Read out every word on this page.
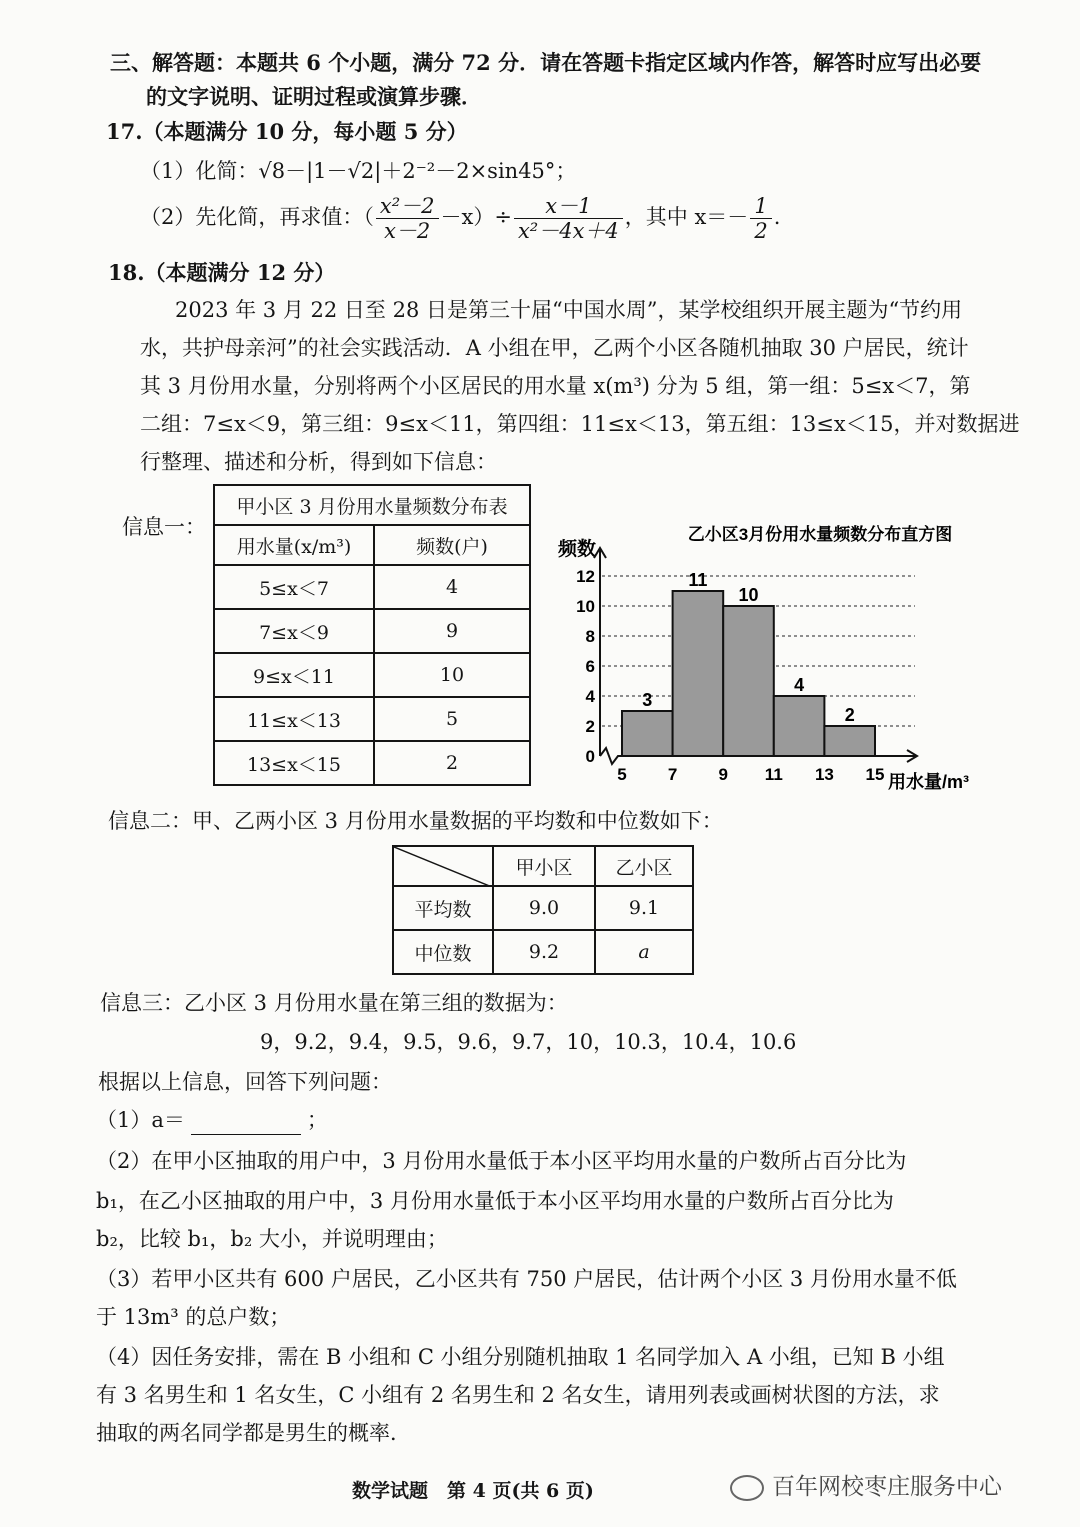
三、解答题：本题共 6 个小题，满分 72 分．请在答题卡指定区域内作答，解答时应写出必要
的文字说明、证明过程或演算步骤．
17.（本题满分 10 分，每小题 5 分）
（1）化简：√8－|1－√2|＋2⁻²－2×sin45°；
（2）先化简，再求值：（ $\frac{\text{x²－2}}{x-2} -x)\div \frac{x-1}{\text{x²－4x＋4}}$ ，其中 $x=- \frac{1}{2}$ .
18.（本题满分 12 分）
2023 年 3 月 22 日至 28 日是第三十届“中国水周”，某学校组织开展主题为“节约用
水，共护母亲河”的社会实践活动．A 小组在甲，乙两个小区各随机抽取 30 户居民，统计
其 3 月份用水量，分别将两个小区居民的用水量 x(m³) 分为 5 组，第一组：5≤x＜7，第
二组：7≤x＜9，第三组：9≤x＜11，第四组：11≤x＜13，第五组：13≤x＜15，并对数据进
行整理、描述和分析，得到如下信息：
信息一：
甲小区 3 月份用水量频数分布表	
用水量(x/m³)	频数(户)
5≤x＜7	4
7≤x＜9	9
9≤x＜11	10
11≤x＜13	5
13≤x＜15	2
乙小区3月份用水量频数分布直方图
频数
用水量/m³
0
2
4
6
8
10
12
3
11
10
4
2
5 7 9 11 13 15
信息二：甲、乙两小区 3 月份用水量数据的平均数和中位数如下：
	甲小区	乙小区
平均数	9.0	9.1
中位数	9.2	a
信息三：乙小区 3 月份用水量在第三组的数据为：
9，9.2，9.4，9.5，9.6，9.7，10，10.3，10.4，10.6
根据以上信息，回答下列问题：
（1）a＝	；
（2）在甲小区抽取的用户中，3 月份用水量低于本小区平均用水量的户数所占百分比为
b₁，在乙小区抽取的用户中，3 月份用水量低于本小区平均用水量的户数所占百分比为
b₂，比较 b₁，b₂ 大小，并说明理由；
（3）若甲小区共有 600 户居民，乙小区共有 750 户居民，估计两个小区 3 月份用水量不低
于 13m³ 的总户数；
（4）因任务安排，需在 B 小组和 C 小组分别随机抽取 1 名同学加入 A 小组，已知 B 小组
有 3 名男生和 1 名女生，C 小组有 2 名男生和 2 名女生，请用列表或画树状图的方法，求
抽取的两名同学都是男生的概率．
数学试题　第 4 页(共 6 页)	百年网校枣庄服务中心
